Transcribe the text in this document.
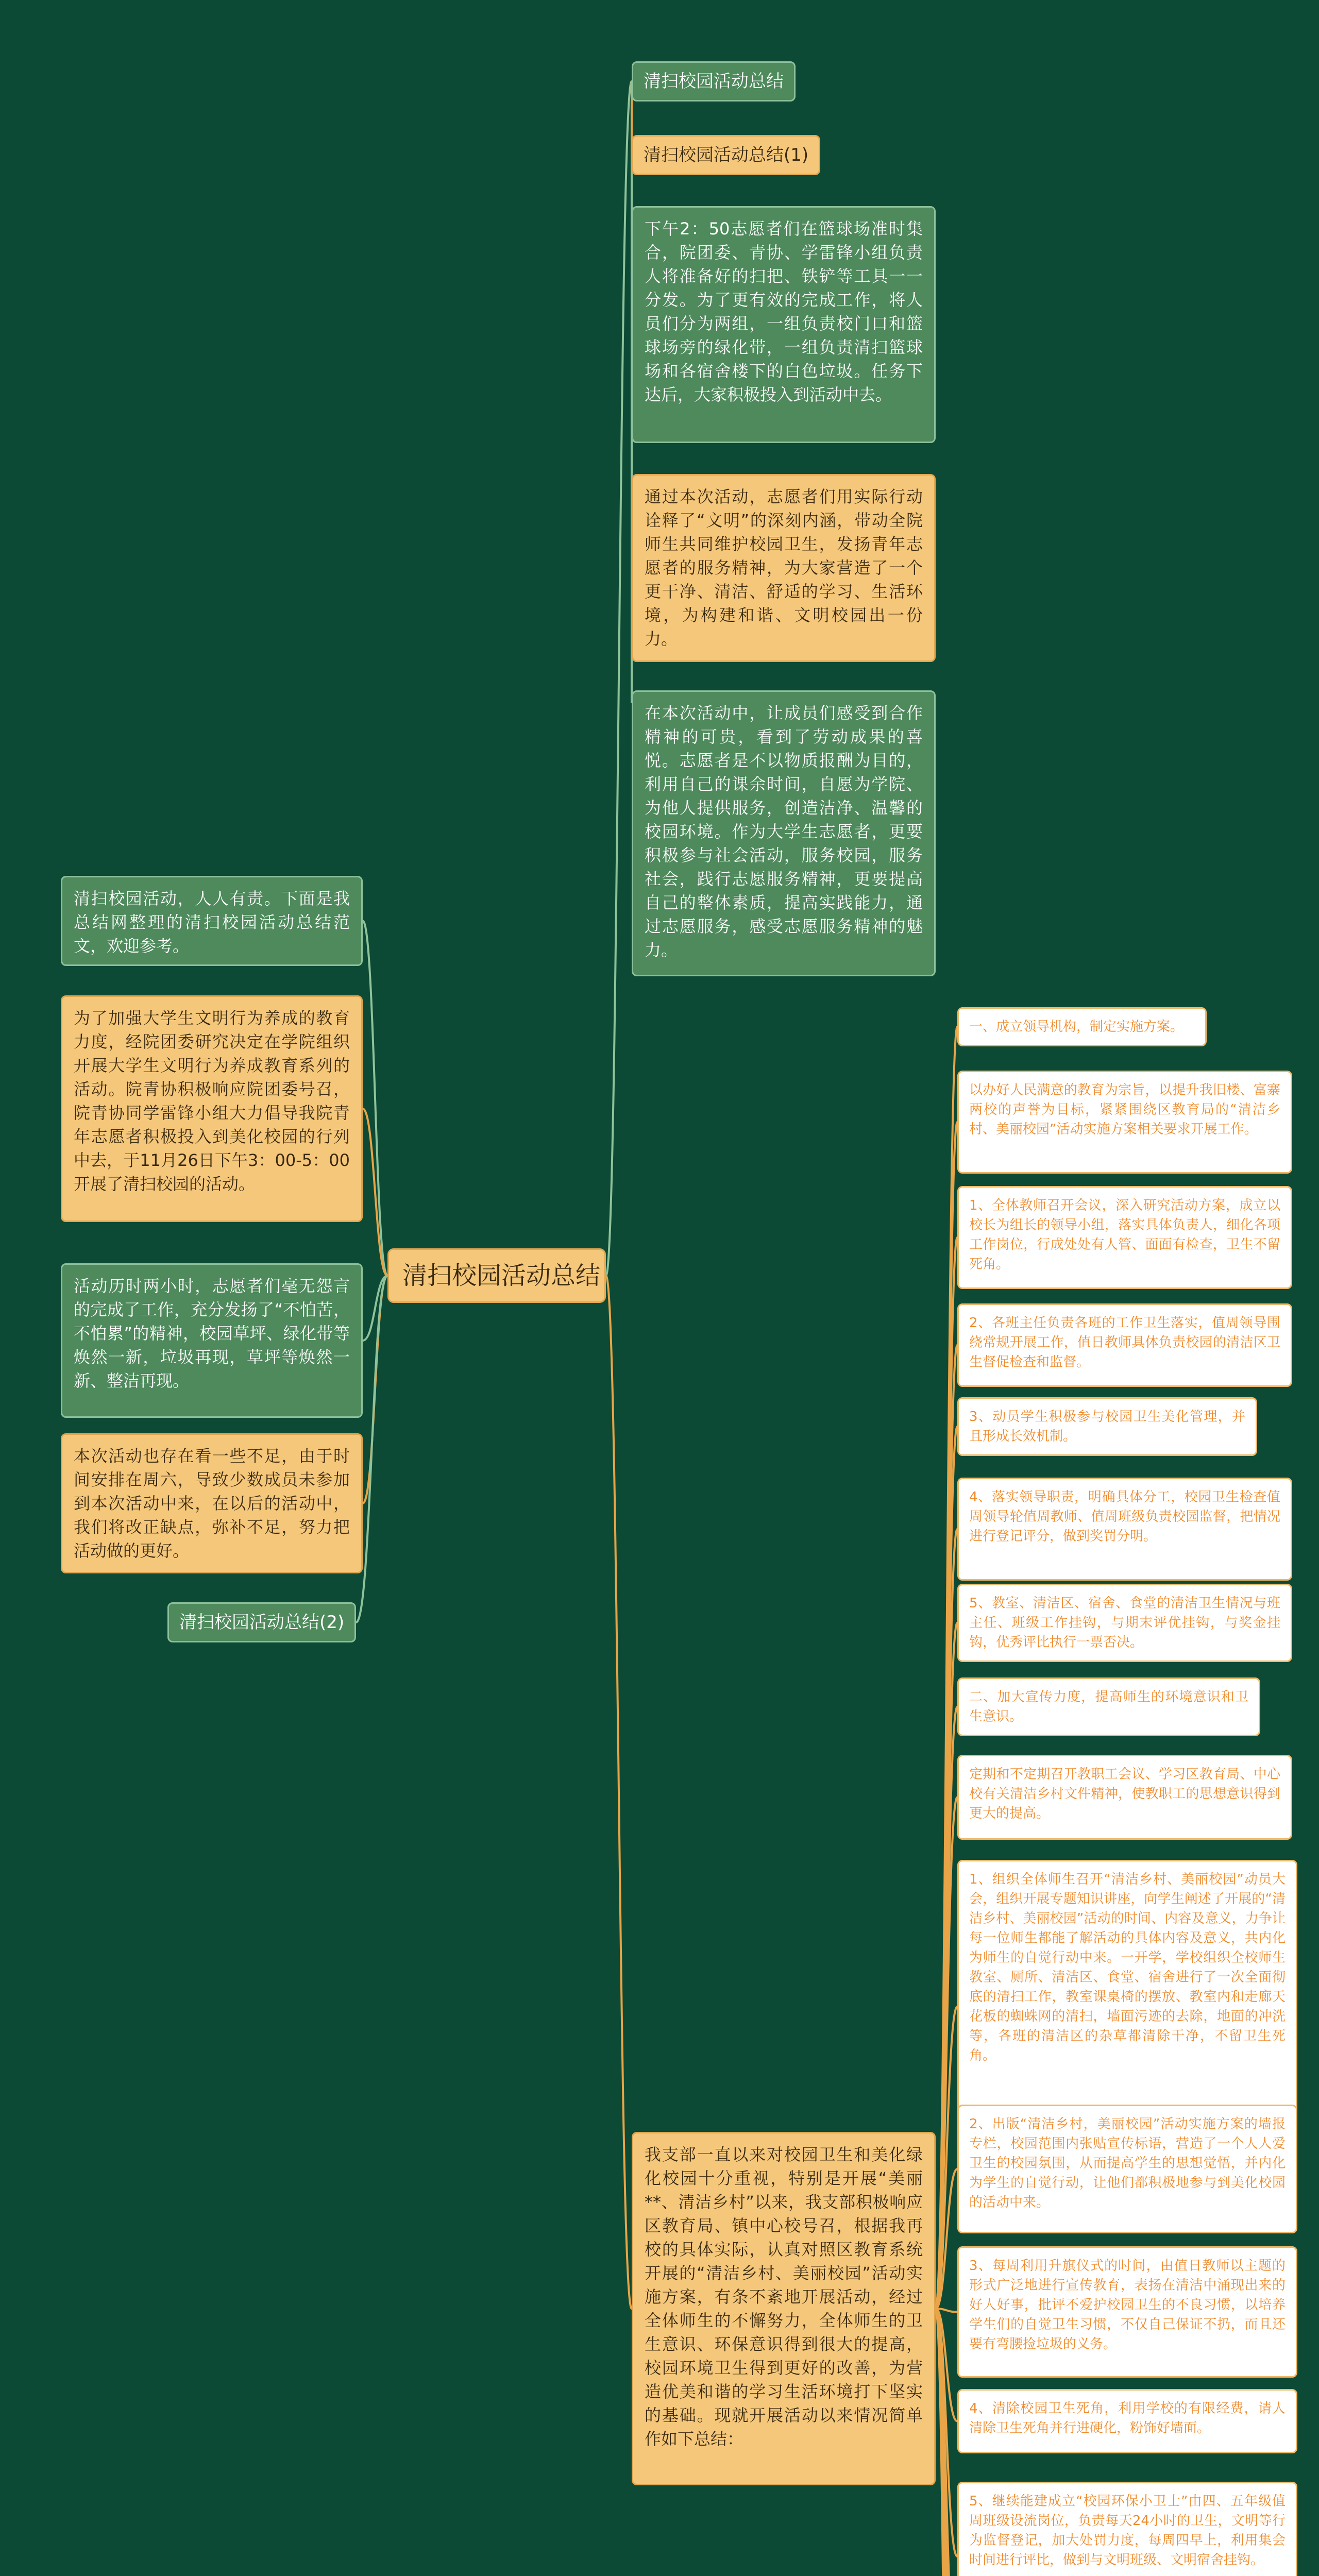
清扫校园活动总结
清扫校园活动总结
清扫校园活动总结(1)
下午2：50志愿者们在篮球场准时集合，院团委、青协、学雷锋小组负责人将准备好的扫把、铁铲等工具一一分发。为了更有效的完成工作，将人员们分为两组，一组负责校门口和篮球场旁的绿化带，一组负责清扫篮球场和各宿舍楼下的白色垃圾。任务下达后，大家积极投入到活动中去。
通过本次活动，志愿者们用实际行动诠释了“文明”的深刻内涵，带动全院师生共同维护校园卫生，发扬青年志愿者的服务精神，为大家营造了一个更干净、清洁、舒适的学习、生活环境，为构建和谐、文明校园出一份力。
在本次活动中，让成员们感受到合作精神的可贵，看到了劳动成果的喜悦。志愿者是不以物质报酬为目的，利用自己的课余时间，自愿为学院、为他人提供服务，创造洁净、温馨的校园环境。作为大学生志愿者，更要积极参与社会活动，服务校园，服务社会，践行志愿服务精神，更要提高自己的整体素质，提高实践能力，通过志愿服务，感受志愿服务精神的魅力。
清扫校园活动，人人有责。下面是我总结网整理的清扫校园活动总结范文，欢迎参考。
为了加强大学生文明行为养成的教育力度，经院团委研究决定在学院组织开展大学生文明行为养成教育系列的活动。院青协积极响应院团委号召，院青协同学雷锋小组大力倡导我院青年志愿者积极投入到美化校园的行列中去，于11月26日下午3：00-5：00开展了清扫校园的活动。
活动历时两小时，志愿者们毫无怨言的完成了工作，充分发扬了“不怕苦，不怕累”的精神，校园草坪、绿化带等焕然一新，垃圾再现，草坪等焕然一新、整洁再现。
本次活动也存在看一些不足，由于时间安排在周六，导致少数成员未参加到本次活动中来，在以后的活动中，我们将改正缺点，弥补不足，努力把活动做的更好。
清扫校园活动总结(2)
我支部一直以来对校园卫生和美化绿化校园十分重视，特别是开展“美丽**、清洁乡村”以来，我支部积极响应区教育局、镇中心校号召，根据我再校的具体实际，认真对照区教育系统开展的“清洁乡村、美丽校园”活动实施方案，有条不紊地开展活动，经过全体师生的不懈努力，全体师生的卫生意识、环保意识得到很大的提高，校园环境卫生得到更好的改善，为营造优美和谐的学习生活环境打下坚实的基础。现就开展活动以来情况简单作如下总结：
一、成立领导机构，制定实施方案。
以办好人民满意的教育为宗旨，以提升我旧楼、富寨两校的声誉为目标，紧紧围绕区教育局的“清洁乡村、美丽校园”活动实施方案相关要求开展工作。
1、全体教师召开会议，深入研究活动方案，成立以校长为组长的领导小组，落实具体负责人，细化各项工作岗位，行成处处有人管、面面有检查，卫生不留死角。
2、各班主任负责各班的工作卫生落实，值周领导围绕常规开展工作，值日教师具体负责校园的清洁区卫生督促检查和监督。
3、动员学生积极参与校园卫生美化管理，并且形成长效机制。
4、落实领导职责，明确具体分工，校园卫生检查值周领导轮值周教师、值周班级负责校园监督，把情况进行登记评分，做到奖罚分明。
5、教室、清洁区、宿舍、食堂的清洁卫生情况与班主任、班级工作挂钩，与期末评优挂钩，与奖金挂钩，优秀评比执行一票否决。
二、加大宣传力度，提高师生的环境意识和卫生意识。
定期和不定期召开教职工会议、学习区教育局、中心校有关清洁乡村文件精神，使教职工的思想意识得到更大的提高。
1、组织全体师生召开“清洁乡村、美丽校园”动员大会，组织开展专题知识讲座，向学生阐述了开展的“清洁乡村、美丽校园”活动的时间、内容及意义，力争让每一位师生都能了解活动的具体内容及意义，共内化为师生的自觉行动中来。一开学，学校组织全校师生教室、厕所、清洁区、食堂、宿舍进行了一次全面彻底的清扫工作，教室课桌椅的摆放、教室内和走廊天花板的蜘蛛网的清扫，墙面污迹的去除，地面的冲洗等，各班的清洁区的杂草都清除干净，不留卫生死角。
2、出版“清洁乡村，美丽校园”活动实施方案的墙报专栏，校园范围内张贴宣传标语，营造了一个人人爱卫生的校园氛围，从而提高学生的思想觉悟，并内化为学生的自觉行动，让他们都积极地参与到美化校园的活动中来。
3、每周利用升旗仪式的时间，由值日教师以主题的形式广泛地进行宣传教育，表扬在清洁中涌现出来的好人好事，批评不爱护校园卫生的不良习惯，以培养学生们的自觉卫生习惯，不仅自己保证不扔，而且还要有弯腰捡垃圾的义务。
4、清除校园卫生死角，利用学校的有限经费，请人清除卫生死角并行进硬化，粉饰好墙面。
5、继续能建成立“校园环保小卫士”由四、五年级值周班级设流岗位，负责每天24小时的卫生，文明等行为监督登记，加大处罚力度，每周四早上，利用集会时间进行评比，做到与文明班级、文明宿舍挂钩。
